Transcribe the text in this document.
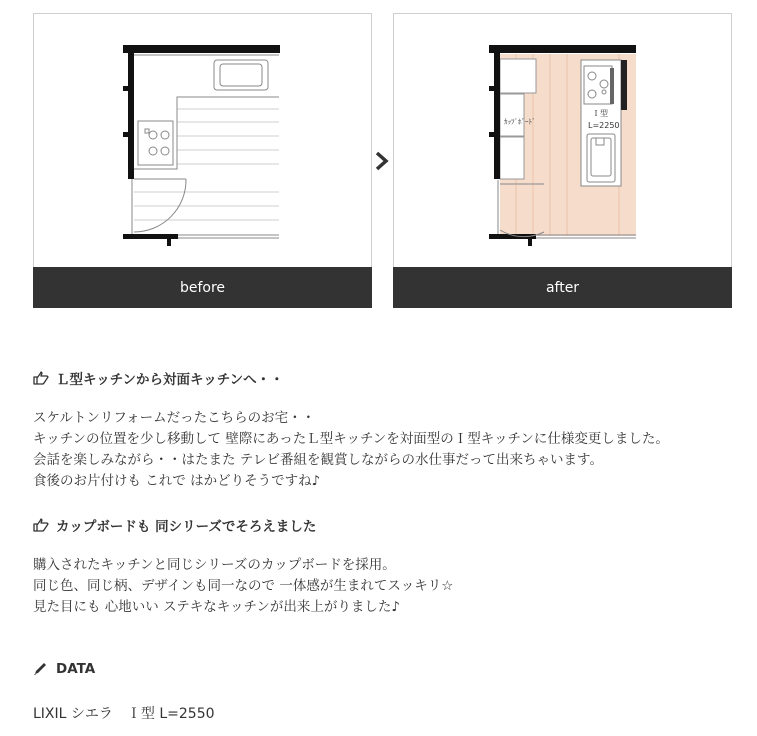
before
ｶｯﾌﾟﾎﾞｰﾄﾞ
Ｉ型
L=2250
after
Ｌ型キッチンから対面キッチンへ・・
スケルトンリフォームだったこちらのお宅・・
キッチンの位置を少し移動して 壁際にあったＬ型キッチンを対面型のＩ型キッチンに仕様変更しました。
会話を楽しみながら・・はたまた テレビ番組を観賞しながらの水仕事だって出来ちゃいます。
食後のお片付けも これで はかどりそうですね♪
カップボードも 同シリーズでそろえました
購入されたキッチンと同じシリーズのカップボードを採用。
同じ色、同じ柄、デザインも同一なので 一体感が生まれてスッキリ☆
見た目にも 心地いい ステキなキッチンが出来上がりました♪
DATA
LIXIL シエラ　Ｉ型 L=2550
